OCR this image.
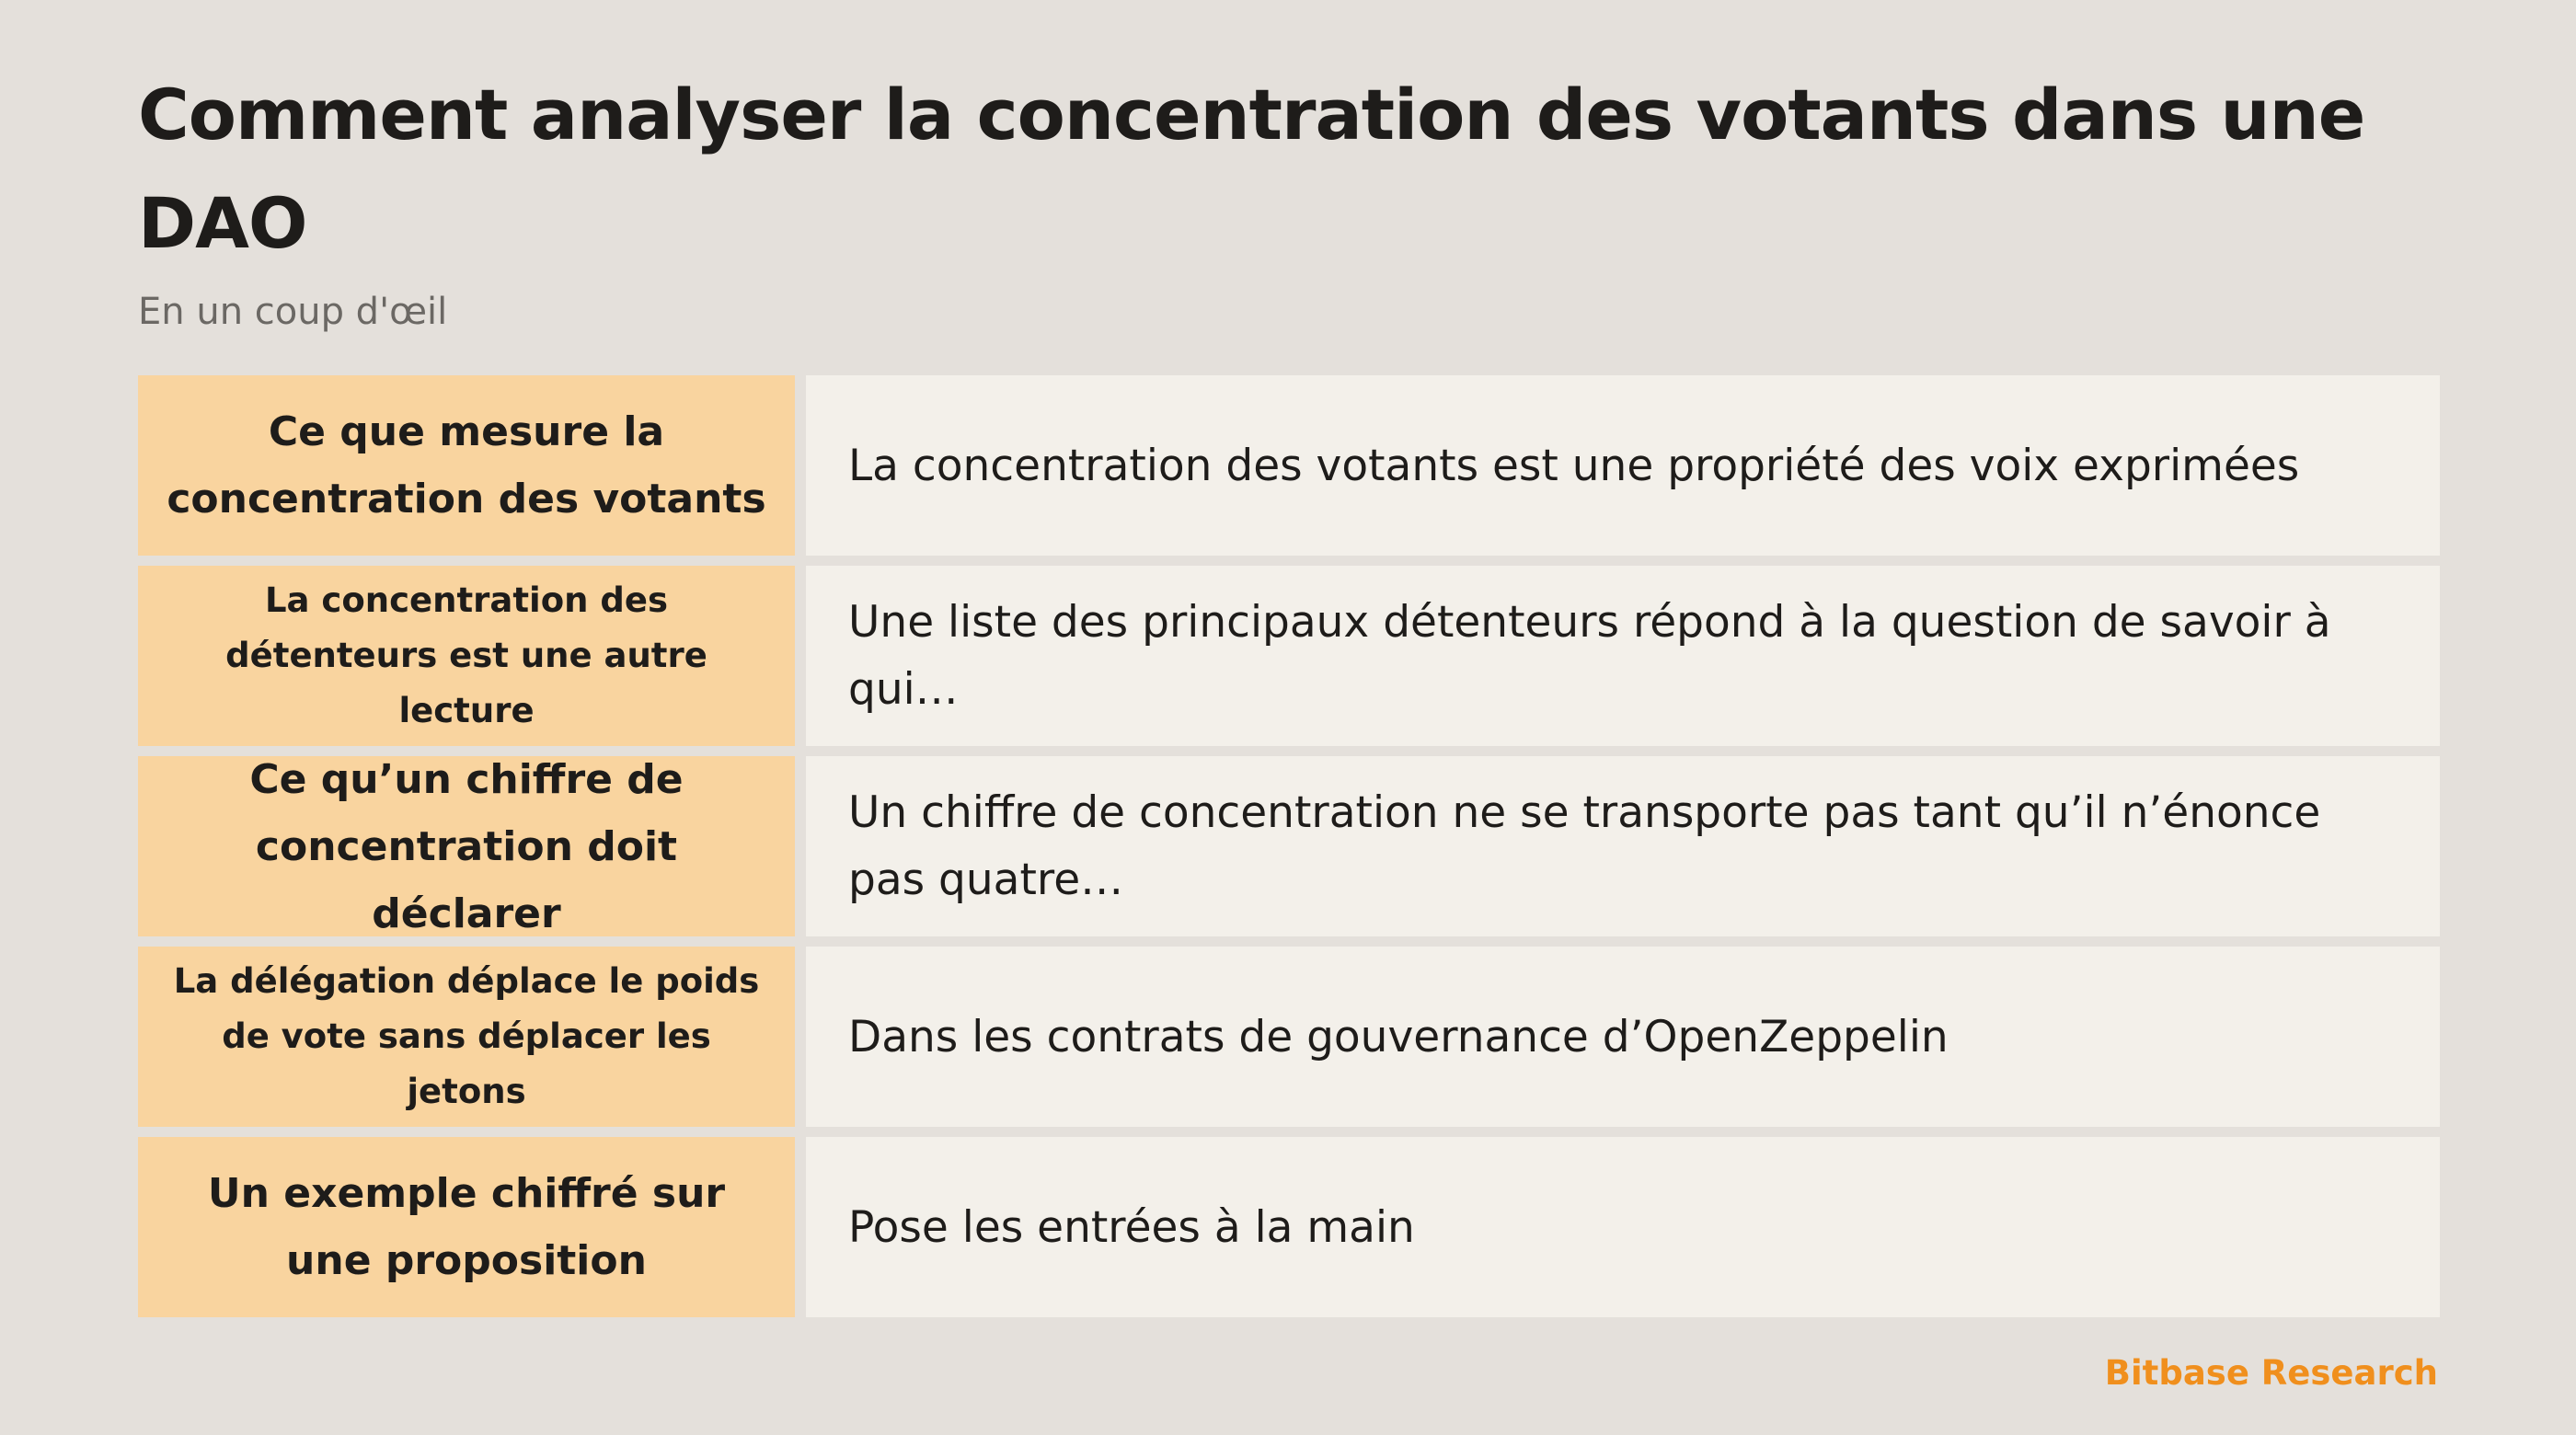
Comment analyser la concentration des votants dans une DAO
En un coup d'œil
Ce que mesure la concentration des votants
La concentration des votants est une propriété des voix exprimées
La concentration des détenteurs est une autre lecture
Une liste des principaux détenteurs répond à la question de savoir à qui…
Ce qu’un chiffre de concentration doit déclarer
Un chiffre de concentration ne se transporte pas tant qu’il n’énonce pas quatre…
La délégation déplace le poids de vote sans déplacer les jetons
Dans les contrats de gouvernance d’OpenZeppelin
Un exemple chiffré sur une proposition
Pose les entrées à la main
Bitbase Research
